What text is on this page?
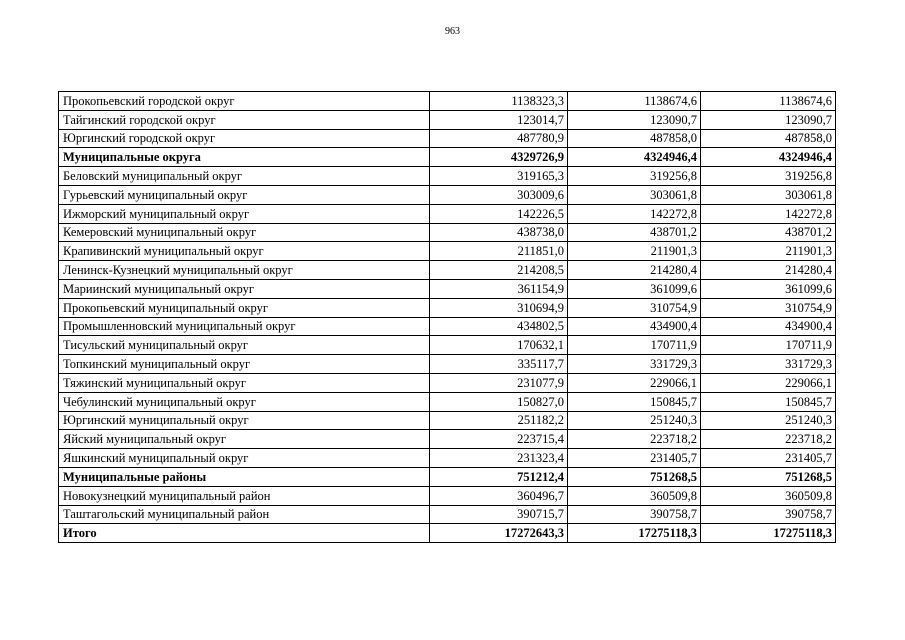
963
Прокопьевский городской округ	1138323,3	1138674,6	1138674,6
Тайгинский городской округ	123014,7	123090,7	123090,7
Юргинский городской округ	487780,9	487858,0	487858,0
Муниципальные округа	4329726,9	4324946,4	4324946,4
Беловский муниципальный округ	319165,3	319256,8	319256,8
Гурьевский муниципальный округ	303009,6	303061,8	303061,8
Ижморский муниципальный округ	142226,5	142272,8	142272,8
Кемеровский муниципальный округ	438738,0	438701,2	438701,2
Крапивинский муниципальный округ	211851,0	211901,3	211901,3
Ленинск-Кузнецкий муниципальный округ	214208,5	214280,4	214280,4
Мариинский муниципальный округ	361154,9	361099,6	361099,6
Прокопьевский муниципальный округ	310694,9	310754,9	310754,9
Промышленновский муниципальный округ	434802,5	434900,4	434900,4
Тисульский муниципальный округ	170632,1	170711,9	170711,9
Топкинский муниципальный округ	335117,7	331729,3	331729,3
Тяжинский муниципальный округ	231077,9	229066,1	229066,1
Чебулинский муниципальный округ	150827,0	150845,7	150845,7
Юргинский муниципальный округ	251182,2	251240,3	251240,3
Яйский муниципальный округ	223715,4	223718,2	223718,2
Яшкинский муниципальный округ	231323,4	231405,7	231405,7
Муниципальные районы	751212,4	751268,5	751268,5
Новокузнецкий муниципальный район	360496,7	360509,8	360509,8
Таштагольский муниципальный район	390715,7	390758,7	390758,7
Итого	17272643,3	17275118,3	17275118,3
